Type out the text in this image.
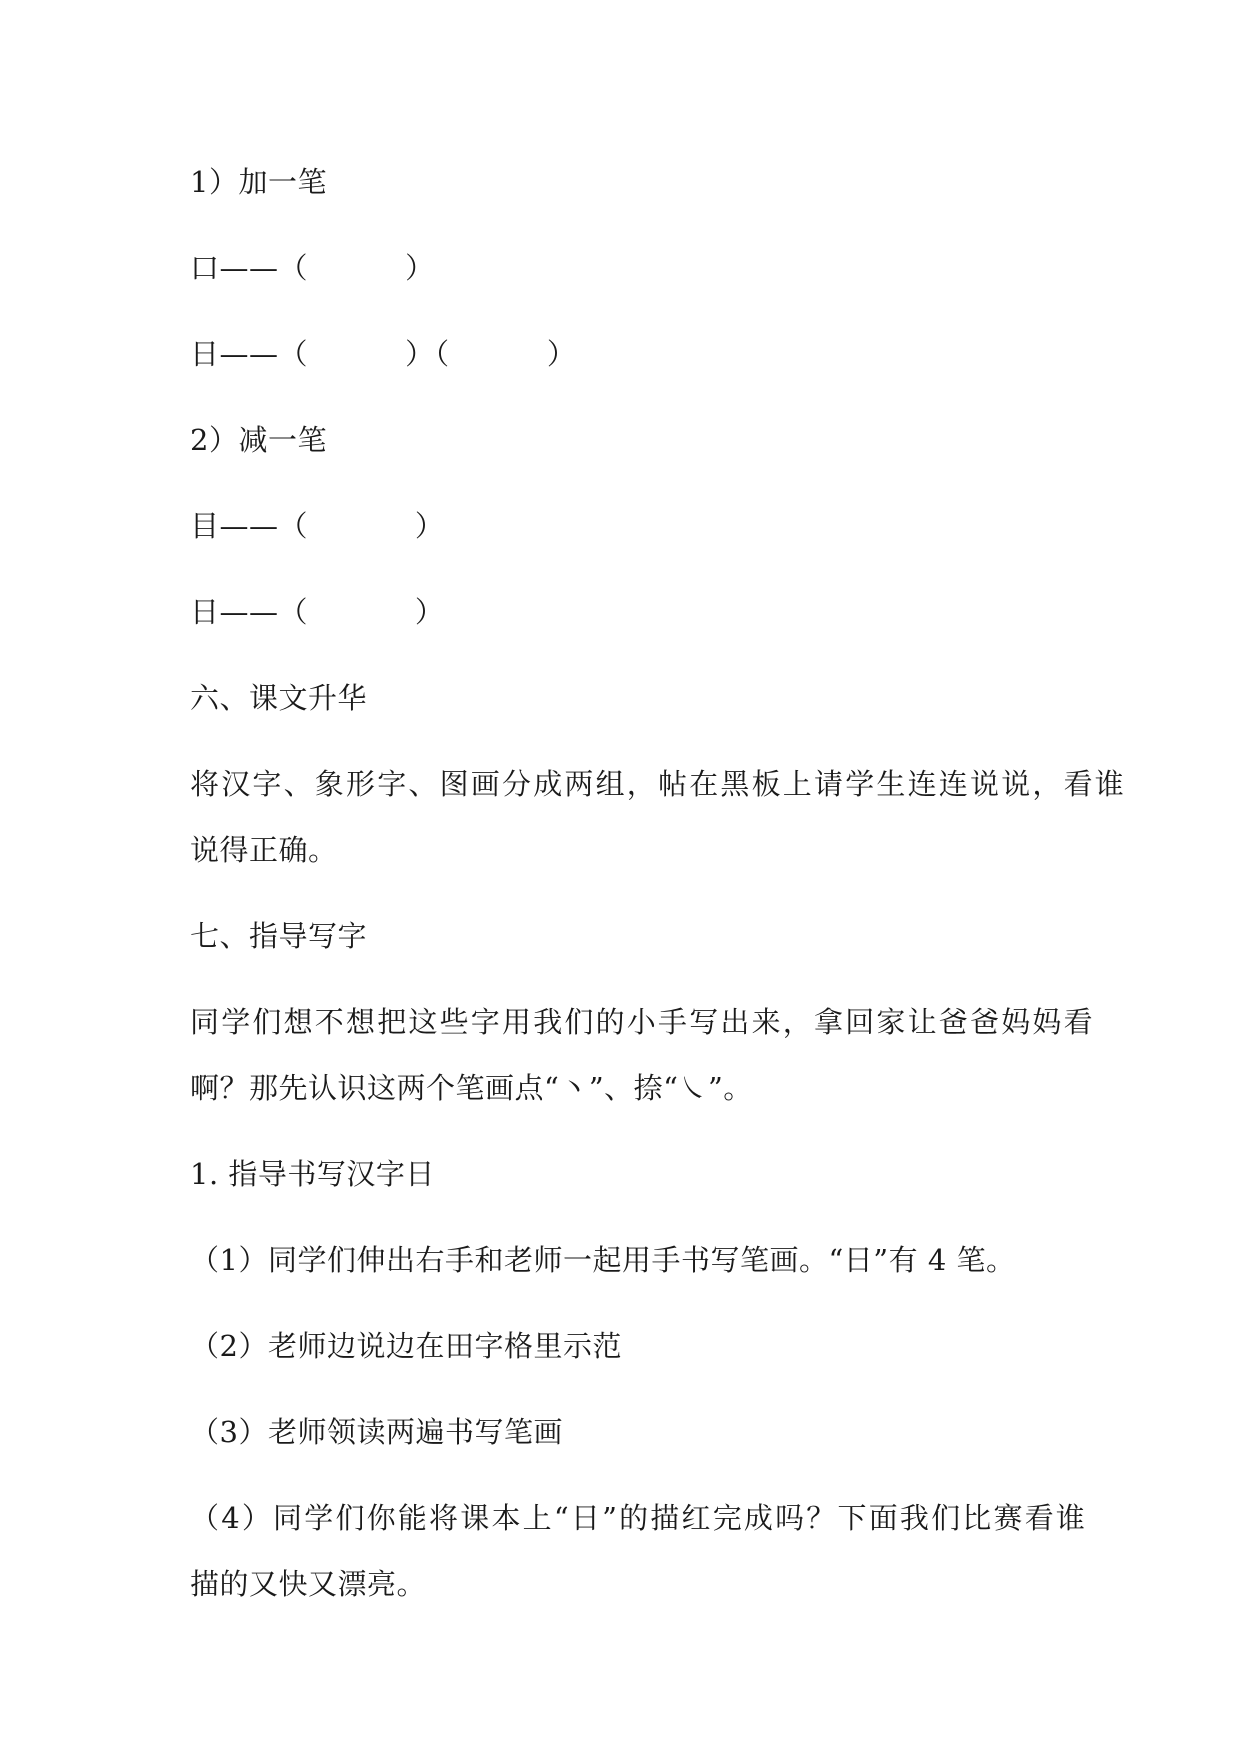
1）加一笔
口——（          ）
日——（          ）（          ）
2）减一笔
目——（           ）
日——（           ）
六、课文升华
将汉字、象形字、图画分成两组，帖在黑板上请学生连连说说，看谁
说得正确。
七、指导写字
同学们想不想把这些字用我们的小手写出来，拿回家让爸爸妈妈看
啊？那先认识这两个笔画点“丶”、捺“㇏”。
1. 指导书写汉字日
（1）同学们伸出右手和老师一起用手书写笔画。“日”有 4 笔。
（2）老师边说边在田字格里示范
（3）老师领读两遍书写笔画
（4）同学们你能将课本上“日”的描红完成吗？下面我们比赛看谁
描的又快又漂亮。
